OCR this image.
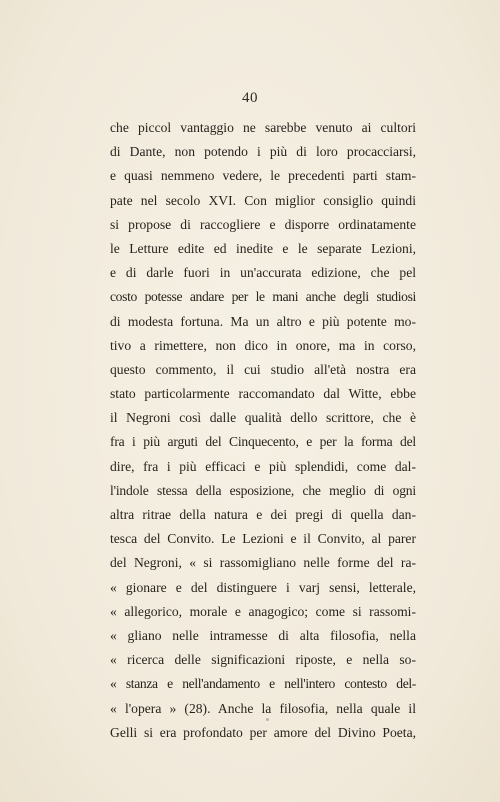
40
che piccol vantaggio ne sarebbe venuto ai cultori
di Dante, non potendo i più di loro procacciarsi,
e quasi nemmeno vedere, le precedenti parti stam-
pate nel secolo XVI. Con miglior consiglio quindi
si propose di raccogliere e disporre ordinatamente
le Letture edite ed inedite e le separate Lezioni,
e di darle fuori in un'accurata edizione, che pel
costo potesse andare per le mani anche degli studiosi
di modesta fortuna. Ma un altro e più potente mo-
tivo a rimettere, non dico in onore, ma in corso,
questo commento, il cui studio all'età nostra era
stato particolarmente raccomandato dal Witte, ebbe
il Negroni così dalle qualità dello scrittore, che è
fra i più arguti del Cinquecento, e per la forma del
dire, fra i più efficaci e più splendidi, come dal-
l'indole stessa della esposizione, che meglio di ogni
altra ritrae della natura e dei pregi di quella dan-
tesca del Convito. Le Lezioni e il Convito, al parer
del Negroni, « si rassomigliano nelle forme del ra-
« gionare e del distinguere i varj sensi, letterale,
« allegorico, morale e anagogico; come si rassomi-
« gliano nelle intramesse di alta filosofia, nella
« ricerca delle significazioni riposte, e nella so-
« stanza e nell'andamento e nell'intero contesto del-
« l'opera » (28). Anche la filosofia, nella quale il
Gelli si era profondato per amore del Divino Poeta,
